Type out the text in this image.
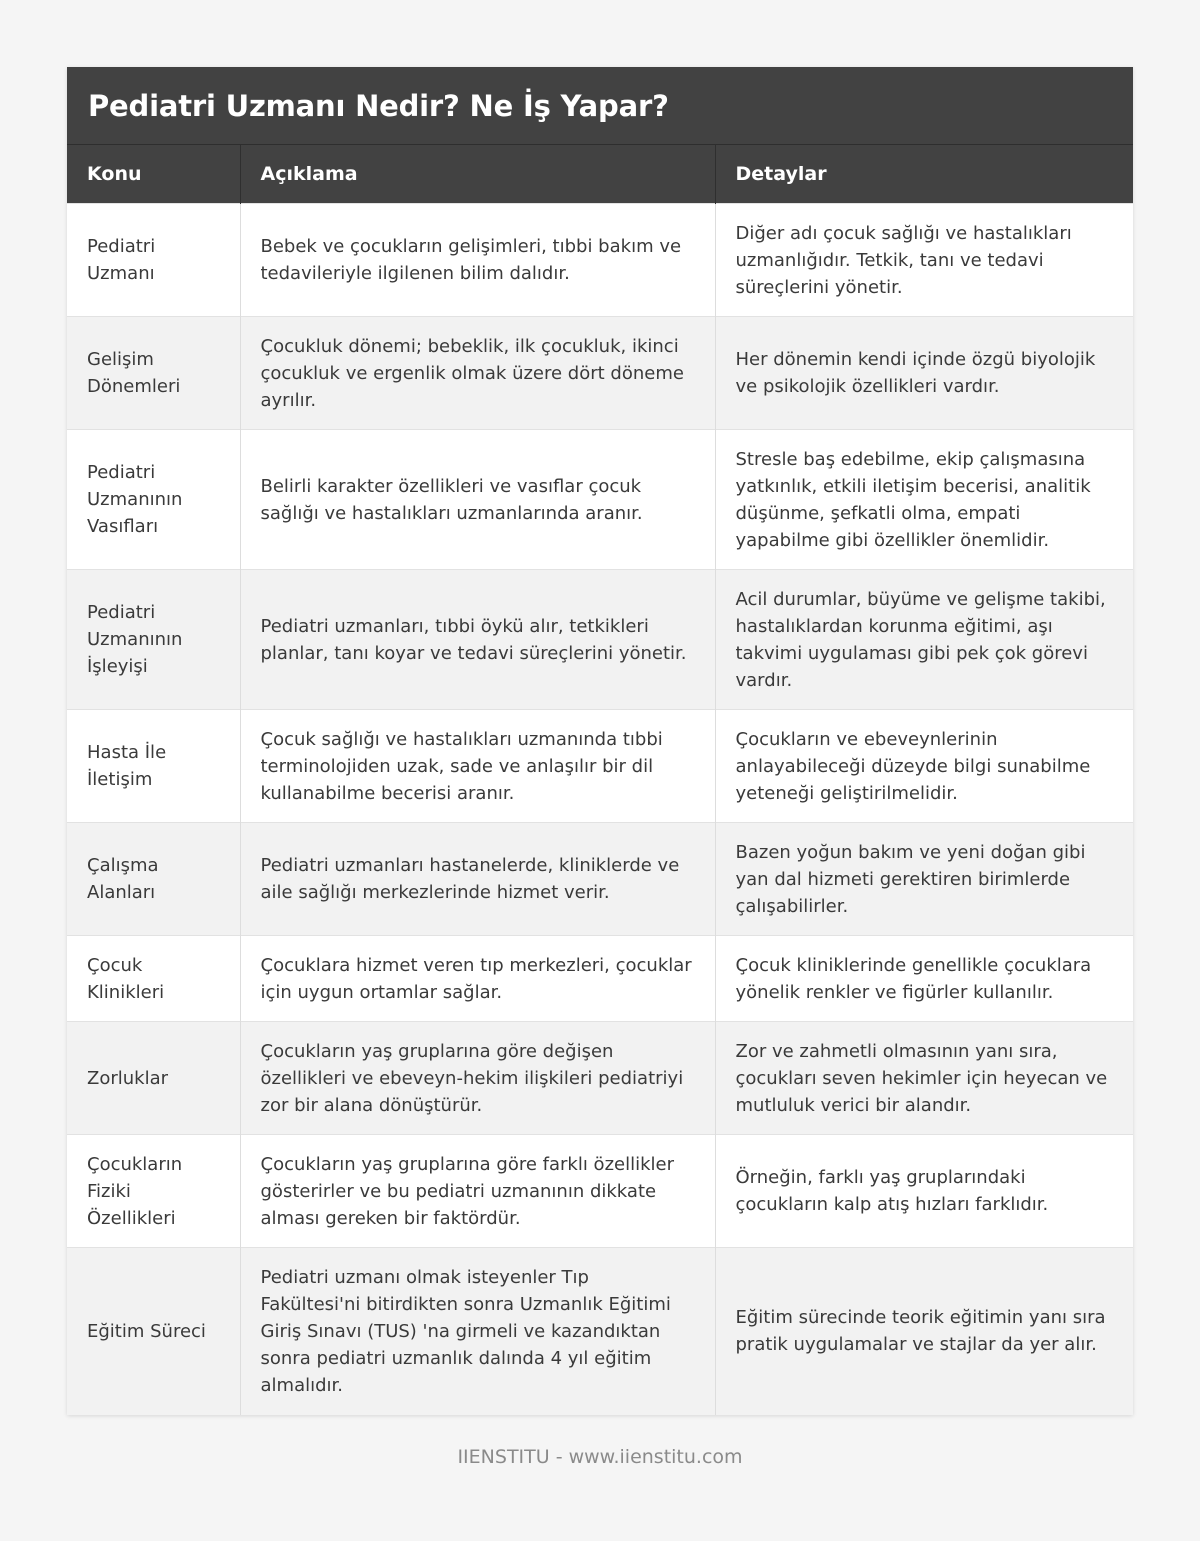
Pediatri Uzmanı Nedir? Ne İş Yapar?
Konu	Açıklama	Detaylar
Pediatri Uzmanı	Bebek ve çocukların gelişimleri, tıbbi bakım ve tedavileriyle ilgilenen bilim dalıdır.	Diğer adı çocuk sağlığı ve hastalıkları uzmanlığıdır. Tetkik, tanı ve tedavi süreçlerini yönetir.
Gelişim Dönemleri	Çocukluk dönemi; bebeklik, ilk çocukluk, ikinci çocukluk ve ergenlik olmak üzere dört döneme ayrılır.	Her dönemin kendi içinde özgü biyolojik ve psikolojik özellikleri vardır.
Pediatri Uzmanının Vasıfları	Belirli karakter özellikleri ve vasıflar çocuk sağlığı ve hastalıkları uzmanlarında aranır.	Stresle baş edebilme, ekip çalışmasına yatkınlık, etkili iletişim becerisi, analitik düşünme, şefkatli olma, empati yapabilme gibi özellikler önemlidir.
Pediatri Uzmanının İşleyişi	Pediatri uzmanları, tıbbi öykü alır, tetkikleri planlar, tanı koyar ve tedavi süreçlerini yönetir.	Acil durumlar, büyüme ve gelişme takibi, hastalıklardan korunma eğitimi, aşı takvimi uygulaması gibi pek çok görevi vardır.
Hasta İle İletişim	Çocuk sağlığı ve hastalıkları uzmanında tıbbi terminolojiden uzak, sade ve anlaşılır bir dil kullanabilme becerisi aranır.	Çocukların ve ebeveynlerinin anlayabileceği düzeyde bilgi sunabilme yeteneği geliştirilmelidir.
Çalışma Alanları	Pediatri uzmanları hastanelerde, kliniklerde ve aile sağlığı merkezlerinde hizmet verir.	Bazen yoğun bakım ve yeni doğan gibi yan dal hizmeti gerektiren birimlerde çalışabilirler.
Çocuk Klinikleri	Çocuklara hizmet veren tıp merkezleri, çocuklar için uygun ortamlar sağlar.	Çocuk kliniklerinde genellikle çocuklara yönelik renkler ve figürler kullanılır.
Zorluklar	Çocukların yaş gruplarına göre değişen özellikleri ve ebeveyn-hekim ilişkileri pediatriyi zor bir alana dönüştürür.	Zor ve zahmetli olmasının yanı sıra, çocukları seven hekimler için heyecan ve mutluluk verici bir alandır.
Çocukların Fiziki Özellikleri	Çocukların yaş gruplarına göre farklı özellikler gösterirler ve bu pediatri uzmanının dikkate alması gereken bir faktördür.	Örneğin, farklı yaş gruplarındaki çocukların kalp atış hızları farklıdır.
Eğitim Süreci	Pediatri uzmanı olmak isteyenler Tıp Fakültesi'ni bitirdikten sonra Uzmanlık Eğitimi Giriş Sınavı (TUS) 'na girmeli ve kazandıktan sonra pediatri uzmanlık dalında 4 yıl eğitim almalıdır.	Eğitim sürecinde teorik eğitimin yanı sıra pratik uygulamalar ve stajlar da yer alır.
IIENSTITU - www.iienstitu.com
